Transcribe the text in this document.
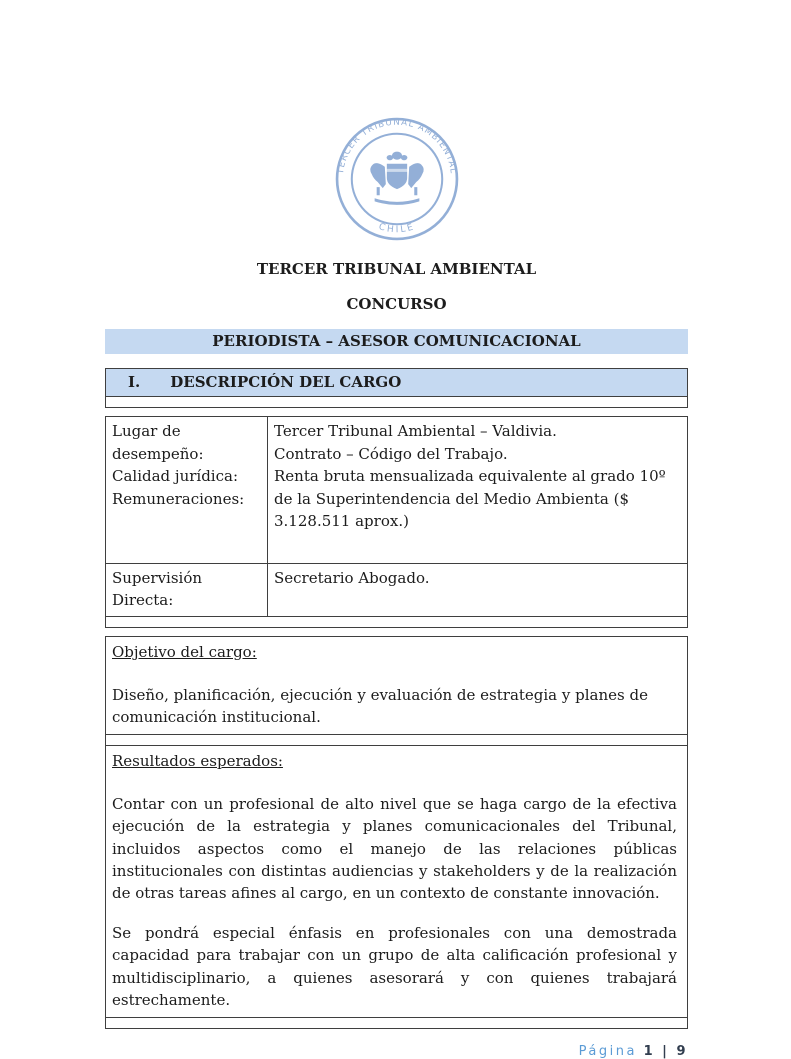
TERCER TRIBUNAL AMBIENTAL
CHILE
TERCER TRIBUNAL AMBIENTAL
CONCURSO
PERIODISTA – ASESOR COMUNICACIONAL
I. DESCRIPCIÓN DEL CARGO
Lugar de desempeño:
Calidad jurídica:
Remuneraciones:
Tercer Tribunal Ambiental – Valdivia.
Contrato – Código del Trabajo.
Renta bruta mensualizada equivalente al grado 10º de la Superintendencia del Medio Ambienta ($ 3.128.511 aprox.)
Supervisión Directa:
Secretario Abogado.
Objetivo del cargo:
Diseño, planificación, ejecución y evaluación de estrategia y planes de comunicación institucional.
Resultados esperados:
Contar con un profesional de alto nivel que se haga cargo de la efectiva ejecución de la estrategia y planes comunicacionales del Tribunal, incluidos aspectos como el manejo de las relaciones públicas institucionales con distintas audiencias y stakeholders y de la realización de otras tareas afines al cargo, en un contexto de constante innovación.
Se pondrá especial énfasis en profesionales con una demostrada capacidad para trabajar con un grupo de alta calificación profesional y multidisciplinario, a quienes asesorará y con quienes trabajará estrechamente.
Página 1 | 9
